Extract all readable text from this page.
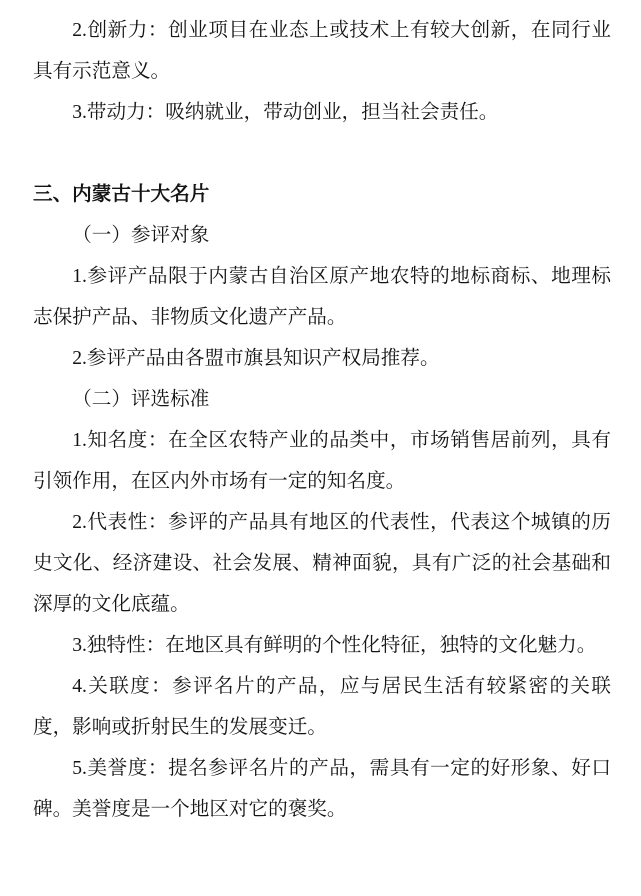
2.创新力：创业项目在业态上或技术上有较大创新，在同行业具有示范意义。

3.带动力：吸纳就业，带动创业，担当社会责任。

三、内蒙古十大名片

（一）参评对象

1.参评产品限于内蒙古自治区原产地农特的地标商标、地理标志保护产品、非物质文化遗产产品。

2.参评产品由各盟市旗县知识产权局推荐。

（二）评选标准

1.知名度：在全区农特产业的品类中，市场销售居前列，具有引领作用，在区内外市场有一定的知名度。

2.代表性：参评的产品具有地区的代表性，代表这个城镇的历史文化、经济建设、社会发展、精神面貌，具有广泛的社会基础和深厚的文化底蕴。

3.独特性：在地区具有鲜明的个性化特征，独特的文化魅力。

4.关联度：参评名片的产品，应与居民生活有较紧密的关联度，影响或折射民生的发展变迁。

5.美誉度：提名参评名片的产品，需具有一定的好形象、好口碑。美誉度是一个地区对它的褒奖。
